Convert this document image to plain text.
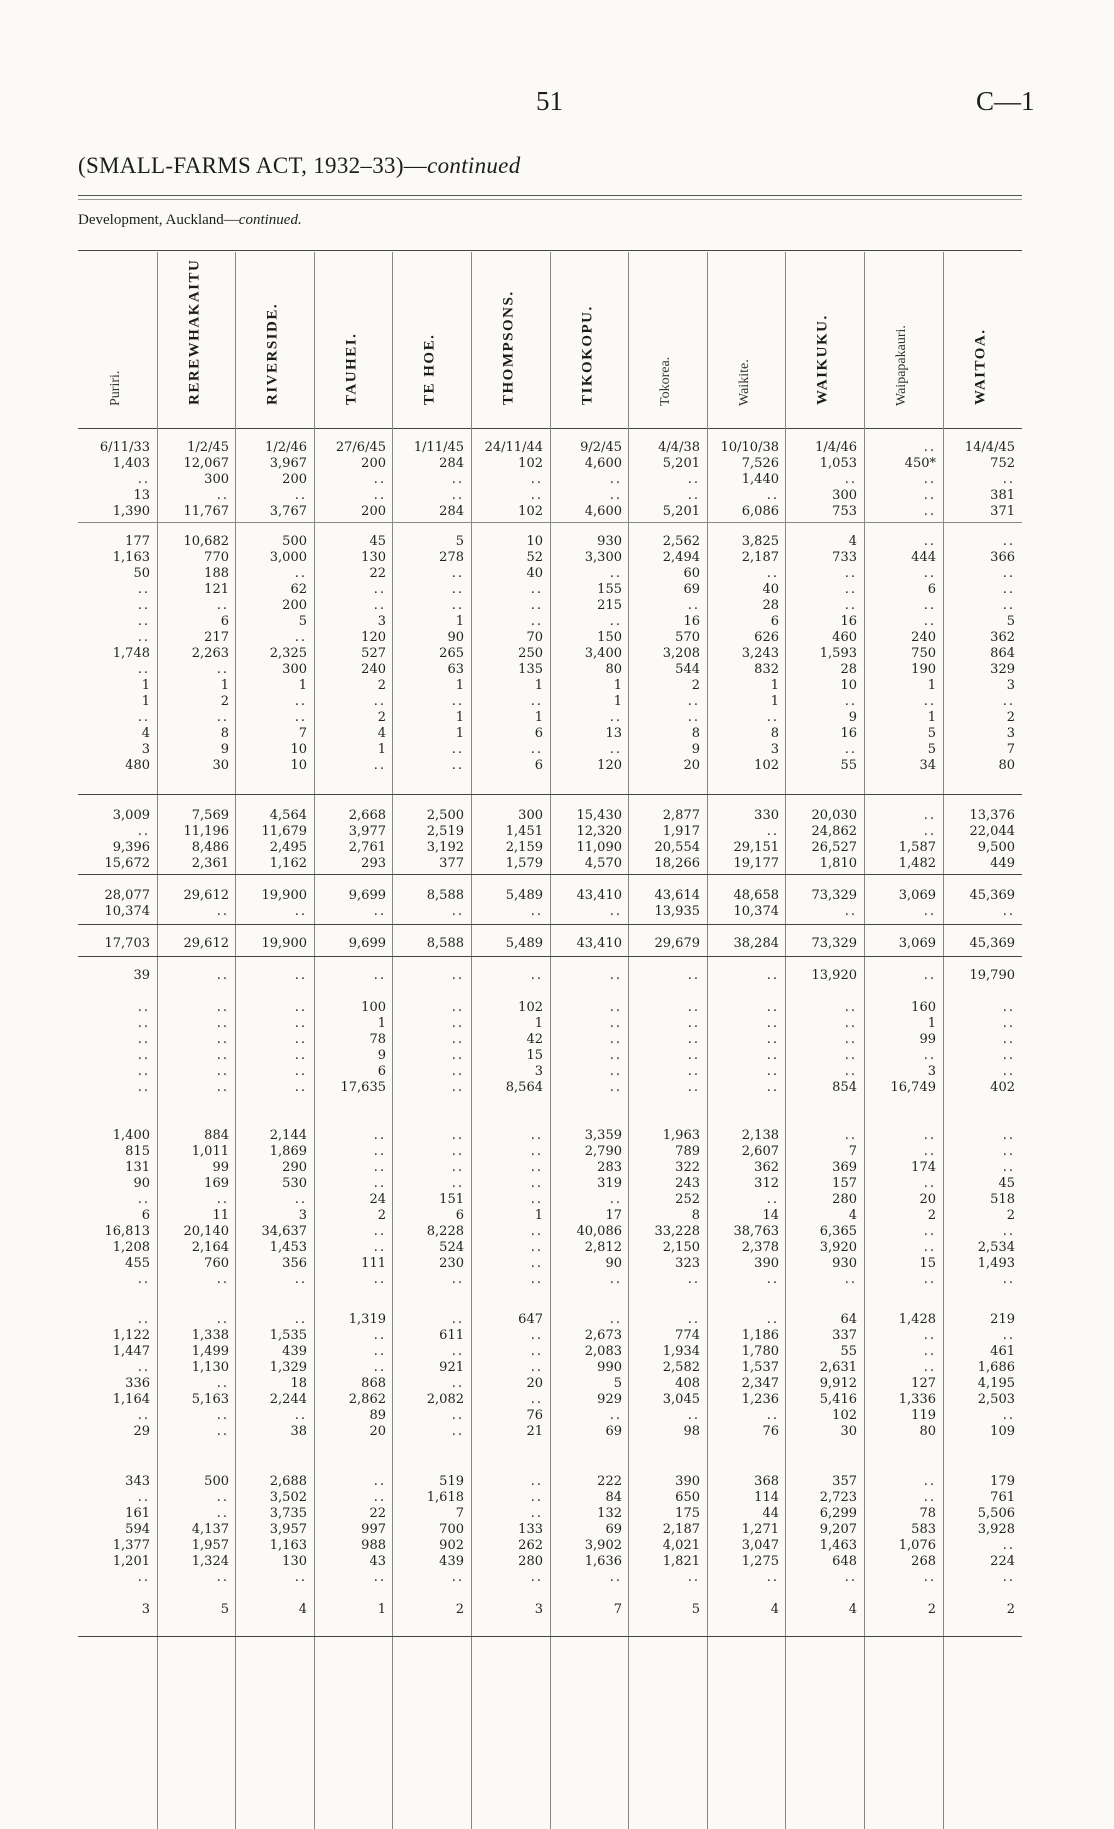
51	C—1
(SMALL-FARMS ACT, 1932–33)—continued
Development, Auckland—continued.
Puriri.	REREWHAKAITU	RIVERSIDE.	TAUHEI.	TE HOE.	THOMPSONS.	TIKOKOPU.	Tokorea.	Waikite.	WAIKUKU.	Waipapakauri.	WAITOA.
6/11/33	1/2/45	1/2/46	27/6/45	1/11/45	24/11/44	9/2/45	4/4/38	10/10/38	1/4/46	..	14/4/45
1,403	12,067	3,967	200	284	102	4,600	5,201	7,526	1,053	450*	752
..	300	200	..	..	..	..	..	1,440	..	..	..
13	..	..	..	..	..	..	..	..	300	..	381
1,390	11,767	3,767	200	284	102	4,600	5,201	6,086	753	..	371
177	10,682	500	45	5	10	930	2,562	3,825	4	..	..
1,163	770	3,000	130	278	52	3,300	2,494	2,187	733	444	366
50	188	..	22	..	40	..	60	..	..	..	..
..	121	62	..	..	..	155	69	40	..	6	..
..	..	200	..	..	..	215	..	28	..	..	..
..	6	5	3	1	..	..	16	6	16	..	5
..	217	..	120	90	70	150	570	626	460	240	362
1,748	2,263	2,325	527	265	250	3,400	3,208	3,243	1,593	750	864
..	..	300	240	63	135	80	544	832	28	190	329
1	1	1	2	1	1	1	2	1	10	1	3
1	2	..	..	..	..	1	..	1	..	..	..
..	..	..	2	1	1	..	..	..	9	1	2
4	8	7	4	1	6	13	8	8	16	5	3
3	9	10	1	..	..	..	9	3	..	5	7
480	30	10	..	..	6	120	20	102	55	34	80
3,009	7,569	4,564	2,668	2,500	300	15,430	2,877	330	20,030	..	13,376
..	11,196	11,679	3,977	2,519	1,451	12,320	1,917	..	24,862	..	22,044
9,396	8,486	2,495	2,761	3,192	2,159	11,090	20,554	29,151	26,527	1,587	9,500
15,672	2,361	1,162	293	377	1,579	4,570	18,266	19,177	1,810	1,482	449
28,077	29,612	19,900	9,699	8,588	5,489	43,410	43,614	48,658	73,329	3,069	45,369
10,374	..	..	..	..	..	..	13,935	10,374	..	..	..
17,703	29,612	19,900	9,699	8,588	5,489	43,410	29,679	38,284	73,329	3,069	45,369
39	..	..	..	..	..	..	..	..	13,920	..	19,790
..	..	..	100	..	102	..	..	..	..	160	..
..	..	..	1	..	1	..	..	..	..	1	..
..	..	..	78	..	42	..	..	..	..	99	..
..	..	..	9	..	15	..	..	..	..	..	..
..	..	..	6	..	3	..	..	..	..	3	..
..	..	..	17,635	..	8,564	..	..	..	854	16,749	402
1,400	884	2,144	..	..	..	3,359	1,963	2,138	..	..	..
815	1,011	1,869	..	..	..	2,790	789	2,607	7	..	..
131	99	290	..	..	..	283	322	362	369	174	..
90	169	530	..	..	..	319	243	312	157	..	45
..	..	..	24	151	..	..	252	..	280	20	518
6	11	3	2	6	1	17	8	14	4	2	2
16,813	20,140	34,637	..	8,228	..	40,086	33,228	38,763	6,365	..	..
1,208	2,164	1,453	..	524	..	2,812	2,150	2,378	3,920	..	2,534
455	760	356	111	230	..	90	323	390	930	15	1,493
..	..	..	..	..	..	..	..	..	..	..	..
..	..	..	1,319	..	647	..	..	..	64	1,428	219
1,122	1,338	1,535	..	611	..	2,673	774	1,186	337	..	..
1,447	1,499	439	..	..	..	2,083	1,934	1,780	55	..	461
..	1,130	1,329	..	921	..	990	2,582	1,537	2,631	..	1,686
336	..	18	868	..	20	5	408	2,347	9,912	127	4,195
1,164	5,163	2,244	2,862	2,082	..	929	3,045	1,236	5,416	1,336	2,503
..	..	..	89	..	76	..	..	..	102	119	..
29	..	38	20	..	21	69	98	76	30	80	109
343	500	2,688	..	519	..	222	390	368	357	..	179
..	..	3,502	..	1,618	..	84	650	114	2,723	..	761
161	..	3,735	22	7	..	132	175	44	6,299	78	5,506
594	4,137	3,957	997	700	133	69	2,187	1,271	9,207	583	3,928
1,377	1,957	1,163	988	902	262	3,902	4,021	3,047	1,463	1,076	..
1,201	1,324	130	43	439	280	1,636	1,821	1,275	648	268	224
..	..	..	..	..	..	..	..	..	..	..	..
3	5	4	1	2	3	7	5	4	4	2	2
